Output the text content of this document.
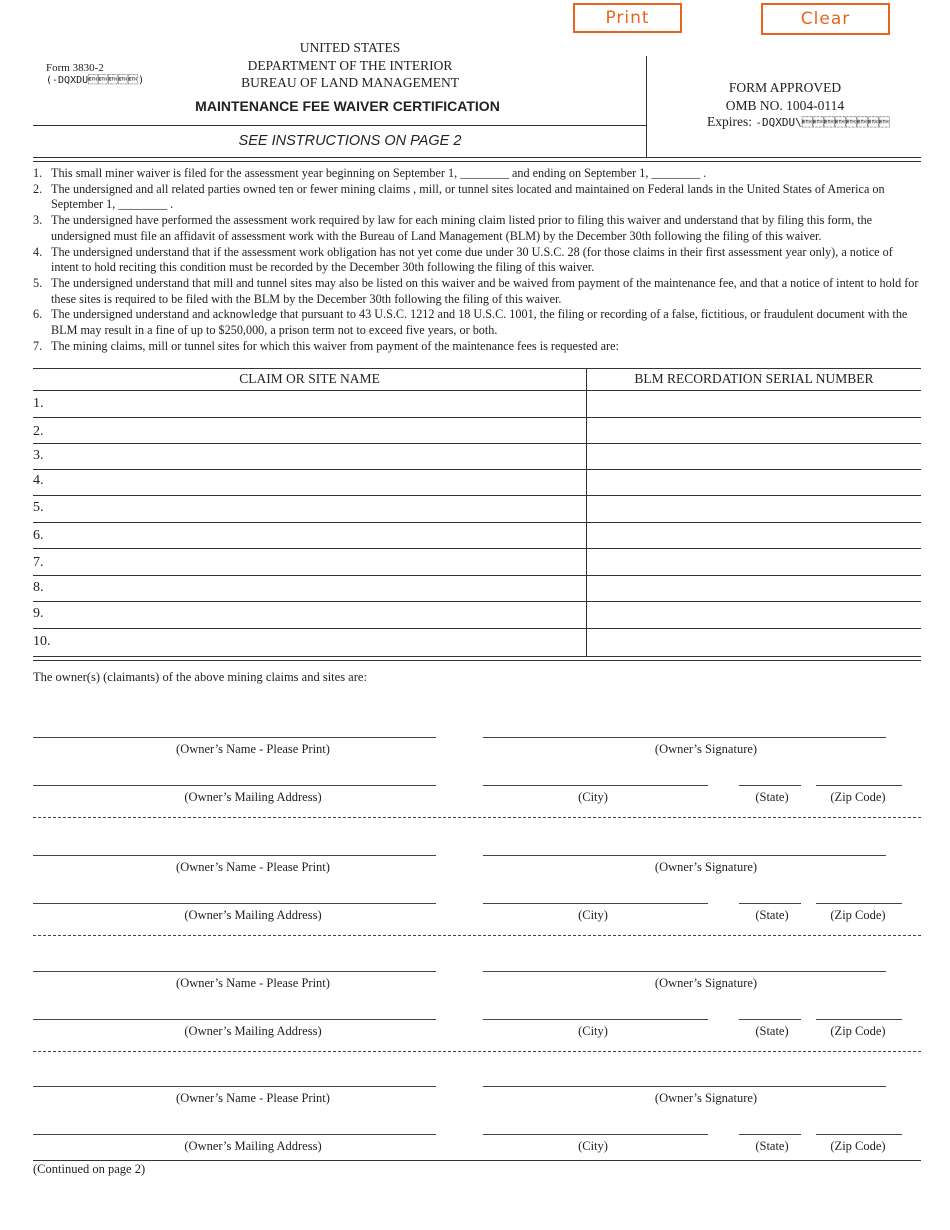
Print	Clear
Form 3830-2
(-DQXDU)
UNITED STATES
DEPARTMENT OF THE INTERIOR
BUREAU OF LAND MANAGEMENT
MAINTENANCE FEE WAIVER CERTIFICATION
SEE INSTRUCTIONS ON PAGE 2
FORM APPROVED
OMB NO. 1004-0114
Expires: -DQXDU\
1. This small miner waiver is filed for the assessment year beginning on September 1, ________ and ending on September 1, ________ .
2. The undersigned and all related parties owned ten or fewer mining claims , mill, or tunnel sites located and maintained on Federal lands in the United States of America on September 1, ________ .
3. The undersigned have performed the assessment work required by law for each mining claim listed prior to filing this waiver and understand that by filing this form, the undersigned must file an affidavit of assessment work with the Bureau of Land Management (BLM) by the December 30th following the filing of this waiver.
4. The undersigned understand that if the assessment work obligation has not yet come due under 30 U.S.C. 28 (for those claims in their first assessment year only), a notice of intent to hold reciting this condition must be recorded by the December 30th following the filing of this waiver.
5. The undersigned understand that mill and tunnel sites may also be listed on this waiver and be waived from payment of the maintenance fee, and that a notice of intent to hold for these sites is required to be filed with the BLM by the December 30th following the filing of this waiver.
6. The undersigned understand and acknowledge that pursuant to 43 U.S.C. 1212 and 18 U.S.C. 1001, the filing or recording of a false, fictitious, or fraudulent document with the BLM may result in a fine of up to $250,000, a prison term not to exceed five years, or both.
7. The mining claims, mill or tunnel sites for which this waiver from payment of the maintenance fees is requested are:
CLAIM OR SITE NAME	BLM RECORDATION SERIAL NUMBER
1.
2.
3.
4.
5.
6.
7.
8.
9.
10.
The owner(s) (claimants) of the above mining claims and sites are:
(Owner’s Name - Please Print)	(Owner’s Signature)
(Owner’s Mailing Address)	(City)	(State)	(Zip Code)
(Owner’s Name - Please Print)	(Owner’s Signature)
(Owner’s Mailing Address)	(City)	(State)	(Zip Code)
(Owner’s Name - Please Print)	(Owner’s Signature)
(Owner’s Mailing Address)	(City)	(State)	(Zip Code)
(Owner’s Name - Please Print)	(Owner’s Signature)
(Owner’s Mailing Address)	(City)	(State)	(Zip Code)
(Continued on page 2)
